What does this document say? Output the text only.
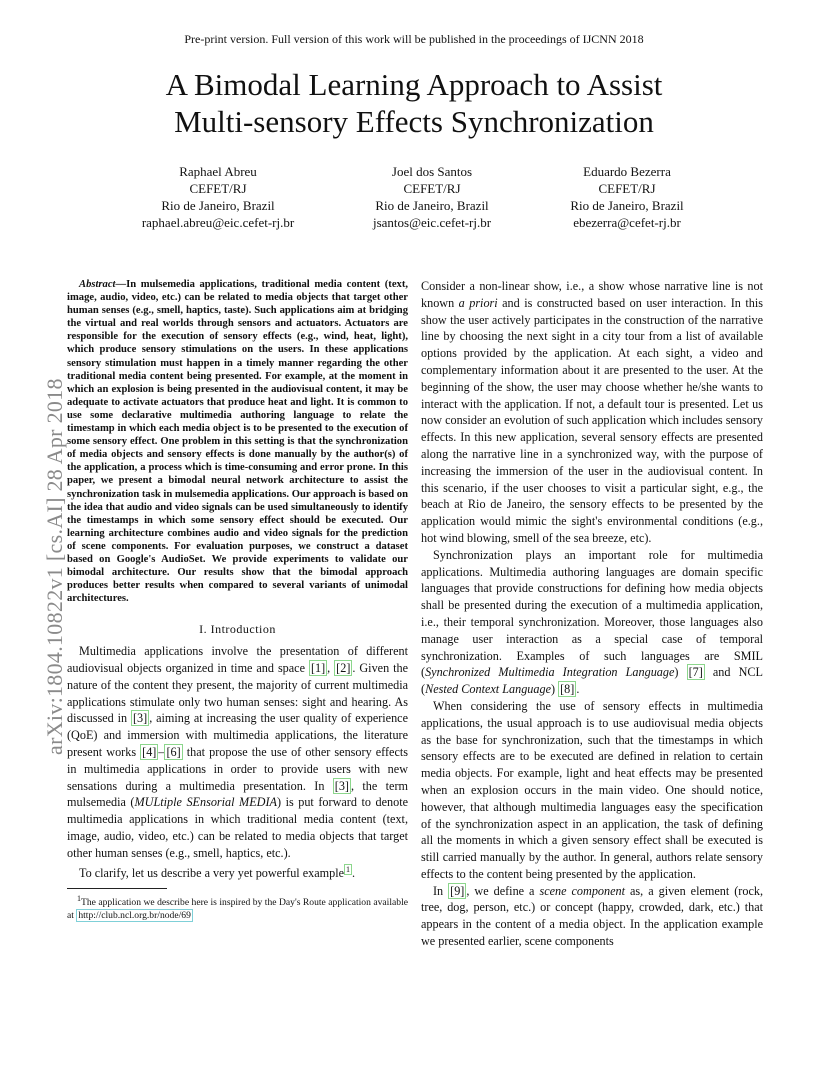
Pre-print version. Full version of this work will be published in the proceedings of IJCNN 2018
A Bimodal Learning Approach to Assist
Multi-sensory Effects Synchronization
Raphael Abreu
CEFET/RJ
Rio de Janeiro, Brazil
raphael.abreu@eic.cefet-rj.br
Joel dos Santos
CEFET/RJ
Rio de Janeiro, Brazil
jsantos@eic.cefet-rj.br
Eduardo Bezerra
CEFET/RJ
Rio de Janeiro, Brazil
ebezerra@cefet-rj.br
arXiv:1804.10822v1 [cs.AI] 28 Apr 2018

Abstract—In mulsemedia applications, traditional media content (text, image, audio, video, etc.) can be related to media objects that target other human senses (e.g., smell, haptics, taste). Such applications aim at bridging the virtual and real worlds through sensors and actuators. Actuators are responsible for the execution of sensory effects (e.g., wind, heat, light), which produce sensory stimulations on the users. In these applications sensory stimulation must happen in a timely manner regarding the other traditional media content being presented. For example, at the moment in which an explosion is being presented in the audiovisual content, it may be adequate to activate actuators that produce heat and light. It is common to use some declarative multimedia authoring language to relate the timestamp in which each media object is to be presented to the execution of some sensory effect. One problem in this setting is that the synchronization of media objects and sensory effects is done manually by the author(s) of the application, a process which is time-consuming and error prone. In this paper, we present a bimodal neural network architecture to assist the synchronization task in mulsemedia applications. Our approach is based on the idea that audio and video signals can be used simultaneously to identify the timestamps in which some sensory effect should be executed. Our learning architecture combines audio and video signals for the prediction of scene components. For evaluation purposes, we construct a dataset based on Google's AudioSet. We provide experiments to validate our bimodal architecture. Our results show that the bimodal approach produces better results when compared to several variants of unimodal architectures.

I. Introduction

Multimedia applications involve the presentation of different audiovisual objects organized in time and space [1] , [2] . Given the nature of the content they present, the majority of current multimedia applications stimulate only two human senses: sight and hearing. As discussed in [3] , aiming at increasing the user quality of experience (QoE) and immersion with multimedia applications, the literature present works [4] – [6] that propose the use of other sensory effects in multimedia applications in order to provide users with new sensations during a multimedia presentation. In [3] , the term mulsemedia (MULtiple SEnsorial MEDIA) is put forward to denote multimedia applications in which traditional media content (text, image, audio, video, etc.) can be related to media objects that target other human senses (e.g., smell, haptics, etc.).

To clarify, let us describe a very yet powerful example $^1$ .

$^1$The application we describe here is inspired by the Day's Route application available at http://club.ncl.org.br/node/69

Consider a non-linear show, i.e., a show whose narrative line is not known a priori and is constructed based on user interaction. In this show the user actively participates in the construction of the narrative line by choosing the next sight in a city tour from a list of available options provided by the application. At each sight, a video and complementary information about it are presented to the user. At the beginning of the show, the user may choose whether he/she wants to interact with the application. If not, a default tour is presented. Let us now consider an evolution of such application which includes sensory effects. In this new application, several sensory effects are presented along the narrative line in a synchronized way, with the purpose of increasing the immersion of the user in the audiovisual content. In this scenario, if the user chooses to visit a particular sight, e.g., the beach at Rio de Janeiro, the sensory effects to be presented by the application would mimic the sight's environmental conditions (e.g., hot wind blowing, smell of the sea breeze, etc).

Synchronization plays an important role for multimedia applications. Multimedia authoring languages are domain specific languages that provide constructions for defining how media objects shall be presented during the execution of a multimedia application, i.e., their temporal synchronization. Moreover, those languages also manage user interaction as a special case of temporal synchronization. Examples of such languages are SMIL (Synchronized Multimedia Integration Language) [7] and NCL (Nested Context Language) [8] .

When considering the use of sensory effects in multimedia applications, the usual approach is to use audiovisual media objects as the base for synchronization, such that the timestamps in which sensory effects are to be executed are defined in relation to certain media objects. For example, light and heat effects may be presented when an explosion occurs in the main video. One should notice, however, that although multimedia languages easy the specification of the synchronization aspect in an application, the task of defining all the moments in which a given sensory effect shall be executed is still carried manually by the author. In general, authors relate sensory effects to the content being presented by the application.

In [9] , we define a scene component as, a given element (rock, tree, dog, person, etc.) or concept (happy, crowded, dark, etc.) that appears in the content of a media object. In the application example we presented earlier, scene components
